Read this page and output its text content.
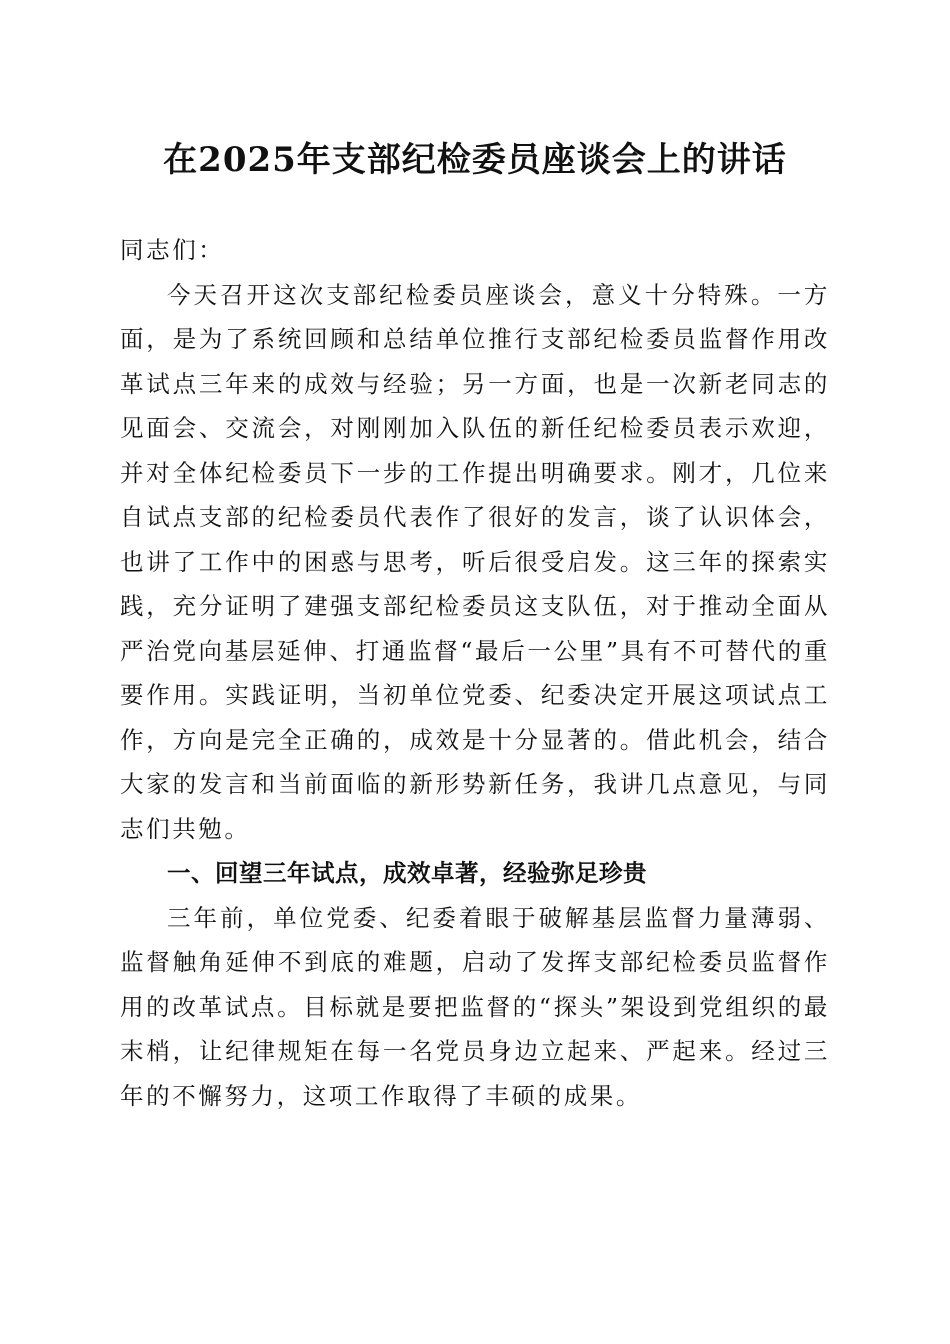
在2025年支部纪检委员座谈会上的讲话

同志们：

今天召开这次支部纪检委员座谈会，意义十分特殊。一方面，是为了系统回顾和总结单位推行支部纪检委员监督作用改革试点三年来的成效与经验；另一方面，也是一次新老同志的见面会、交流会，对刚刚加入队伍的新任纪检委员表示欢迎，并对全体纪检委员下一步的工作提出明确要求。刚才，几位来自试点支部的纪检委员代表作了很好的发言，谈了认识体会，也讲了工作中的困惑与思考，听后很受启发。这三年的探索实践，充分证明了建强支部纪检委员这支队伍，对于推动全面从严治党向基层延伸、打通监督“最后一公里”具有不可替代的重要作用。实践证明，当初单位党委、纪委决定开展这项试点工作，方向是完全正确的，成效是十分显著的。借此机会，结合大家的发言和当前面临的新形势新任务，我讲几点意见，与同志们共勉。

一、回望三年试点，成效卓著，经验弥足珍贵

三年前，单位党委、纪委着眼于破解基层监督力量薄弱、监督触角延伸不到底的难题，启动了发挥支部纪检委员监督作用的改革试点。目标就是要把监督的“探头”架设到党组织的最末梢，让纪律规矩在每一名党员身边立起来、严起来。经过三年的不懈努力，这项工作取得了丰硕的成果。
